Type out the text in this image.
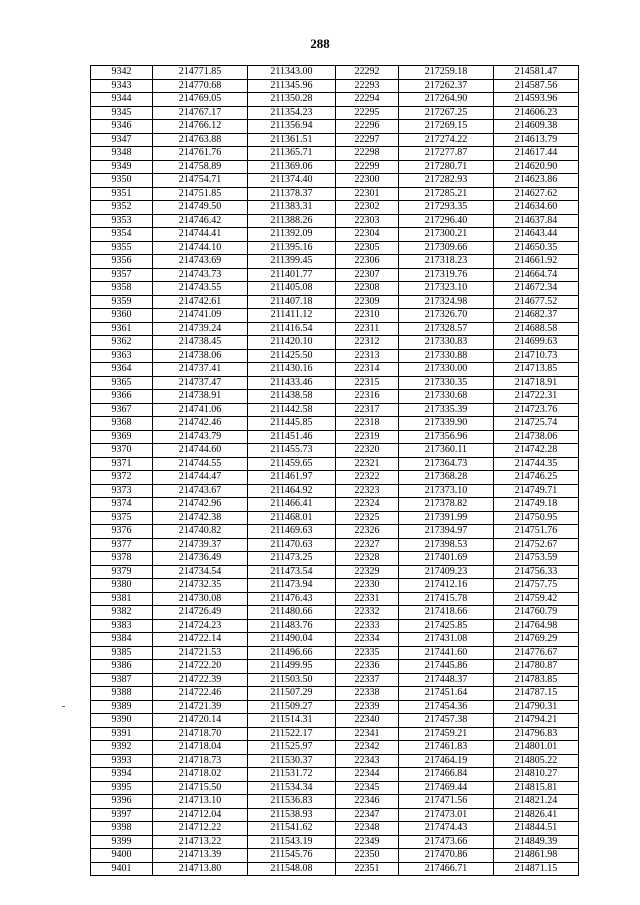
288
9342	214771.85	211343.00	22292	217259.18	214581.47
9343	214770.68	211345.96	22293	217262.37	214587.56
9344	214769.05	211350.28	22294	217264.90	214593.96
9345	214767.17	211354.23	22295	217267.25	214606.23
9346	214766.12	211356.94	22296	217269.15	214609.38
9347	214763.88	211361.51	22297	217274.22	214613.79
9348	214761.76	211365.71	22298	217277.87	214617.44
9349	214758.89	211369.06	22299	217280.71	214620.90
9350	214754.71	211374.40	22300	217282.93	214623.86
9351	214751.85	211378.37	22301	217285.21	214627.62
9352	214749.50	211383.31	22302	217293.35	214634.60
9353	214746.42	211388.26	22303	217296.40	214637.84
9354	214744.41	211392.09	22304	217300.21	214643.44
9355	214744.10	211395.16	22305	217309.66	214650.35
9356	214743.69	211399.45	22306	217318.23	214661.92
9357	214743.73	211401.77	22307	217319.76	214664.74
9358	214743.55	211405.08	22308	217323.10	214672.34
9359	214742.61	211407.18	22309	217324.98	214677.52
9360	214741.09	211411.12	22310	217326.70	214682.37
9361	214739.24	211416.54	22311	217328.57	214688.58
9362	214738.45	211420.10	22312	217330.83	214699.63
9363	214738.06	211425.50	22313	217330.88	214710.73
9364	214737.41	211430.16	22314	217330.00	214713.85
9365	214737.47	211433.46	22315	217330.35	214718.91
9366	214738.91	211438.58	22316	217330.68	214722.31
9367	214741.06	211442.58	22317	217335.39	214723.76
9368	214742.46	211445.85	22318	217339.90	214725.74
9369	214743.79	211451.46	22319	217356.96	214738.06
9370	214744.60	211455.73	22320	217360.11	214742.28
9371	214744.55	211459.65	22321	217364.73	214744.35
9372	214744.47	211461.97	22322	217368.28	214746.25
9373	214743.67	211464.92	22323	217373.10	214749.71
9374	214742.96	211466.41	22324	217378.82	214749.18
9375	214742.38	211468.01	22325	217391.99	214750.95
9376	214740.82	211469.63	22326	217394.97	214751.76
9377	214739.37	211470.63	22327	217398.53	214752.67
9378	214736.49	211473.25	22328	217401.69	214753.59
9379	214734.54	211473.54	22329	217409.23	214756.33
9380	214732.35	211473.94	22330	217412.16	214757.75
9381	214730.08	211476.43	22331	217415.78	214759.42
9382	214726.49	211480.66	22332	217418.66	214760.79
9383	214724.23	211483.76	22333	217425.85	214764.98
9384	214722.14	211490.04	22334	217431.08	214769.29
9385	214721.53	211496.66	22335	217441.60	214776.67
9386	214722.20	211499.95	22336	217445.86	214780.87
9387	214722.39	211503.50	22337	217448.37	214783.85
9388	214722.46	211507.29	22338	217451.64	214787.15
9389	214721.39	211509.27	22339	217454.36	214790.31
9390	214720.14	211514.31	22340	217457.38	214794.21
9391	214718.70	211522.17	22341	217459.21	214796.83
9392	214718.04	211525.97	22342	217461.83	214801.01
9393	214718.73	211530.37	22343	217464.19	214805.22
9394	214718.02	211531.72	22344	217466.84	214810.27
9395	214715.50	211534.34	22345	217469.44	214815.81
9396	214713.10	211536.83	22346	217471.56	214821.24
9397	214712.04	211538.93	22347	217473.01	214826.41
9398	214712.22	211541.62	22348	217474.43	214844.51
9399	214713.22	211543.19	22349	217473.66	214849.39
9400	214713.39	211545.76	22350	217470.86	214861.98
9401	214713.80	211548.08	22351	217466.71	214871.15
